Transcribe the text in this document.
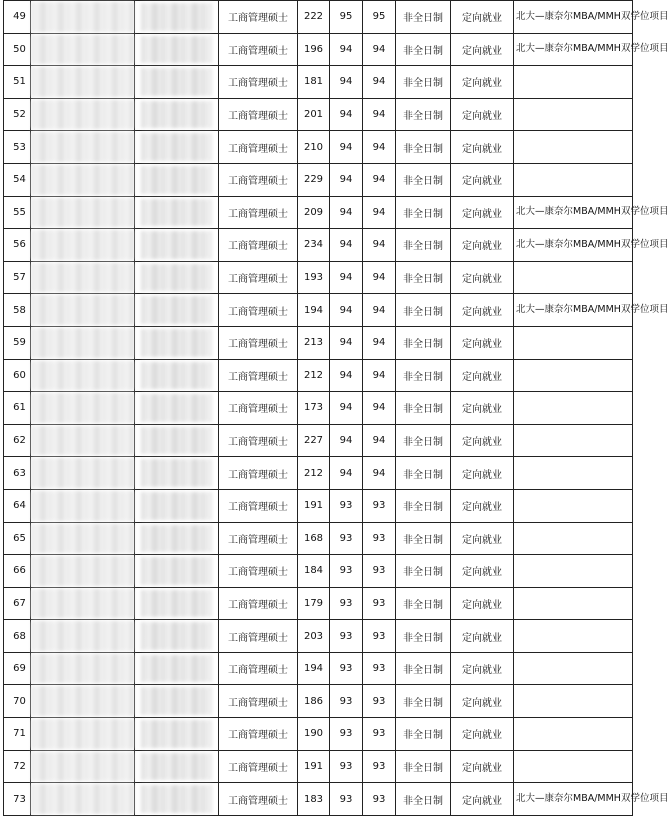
49			工商管理硕士	222	95	95	非全日制	定向就业	北大—康奈尔MBA/MMH双学位项目
50			工商管理硕士	196	94	94	非全日制	定向就业	北大—康奈尔MBA/MMH双学位项目
51			工商管理硕士	181	94	94	非全日制	定向就业	
52			工商管理硕士	201	94	94	非全日制	定向就业	
53			工商管理硕士	210	94	94	非全日制	定向就业	
54			工商管理硕士	229	94	94	非全日制	定向就业	
55			工商管理硕士	209	94	94	非全日制	定向就业	北大—康奈尔MBA/MMH双学位项目
56			工商管理硕士	234	94	94	非全日制	定向就业	北大—康奈尔MBA/MMH双学位项目
57			工商管理硕士	193	94	94	非全日制	定向就业	
58			工商管理硕士	194	94	94	非全日制	定向就业	北大—康奈尔MBA/MMH双学位项目
59			工商管理硕士	213	94	94	非全日制	定向就业	
60			工商管理硕士	212	94	94	非全日制	定向就业	
61			工商管理硕士	173	94	94	非全日制	定向就业	
62			工商管理硕士	227	94	94	非全日制	定向就业	
63			工商管理硕士	212	94	94	非全日制	定向就业	
64			工商管理硕士	191	93	93	非全日制	定向就业	
65			工商管理硕士	168	93	93	非全日制	定向就业	
66			工商管理硕士	184	93	93	非全日制	定向就业	
67			工商管理硕士	179	93	93	非全日制	定向就业	
68			工商管理硕士	203	93	93	非全日制	定向就业	
69			工商管理硕士	194	93	93	非全日制	定向就业	
70			工商管理硕士	186	93	93	非全日制	定向就业	
71			工商管理硕士	190	93	93	非全日制	定向就业	
72			工商管理硕士	191	93	93	非全日制	定向就业	
73			工商管理硕士	183	93	93	非全日制	定向就业	北大—康奈尔MBA/MMH双学位项目
